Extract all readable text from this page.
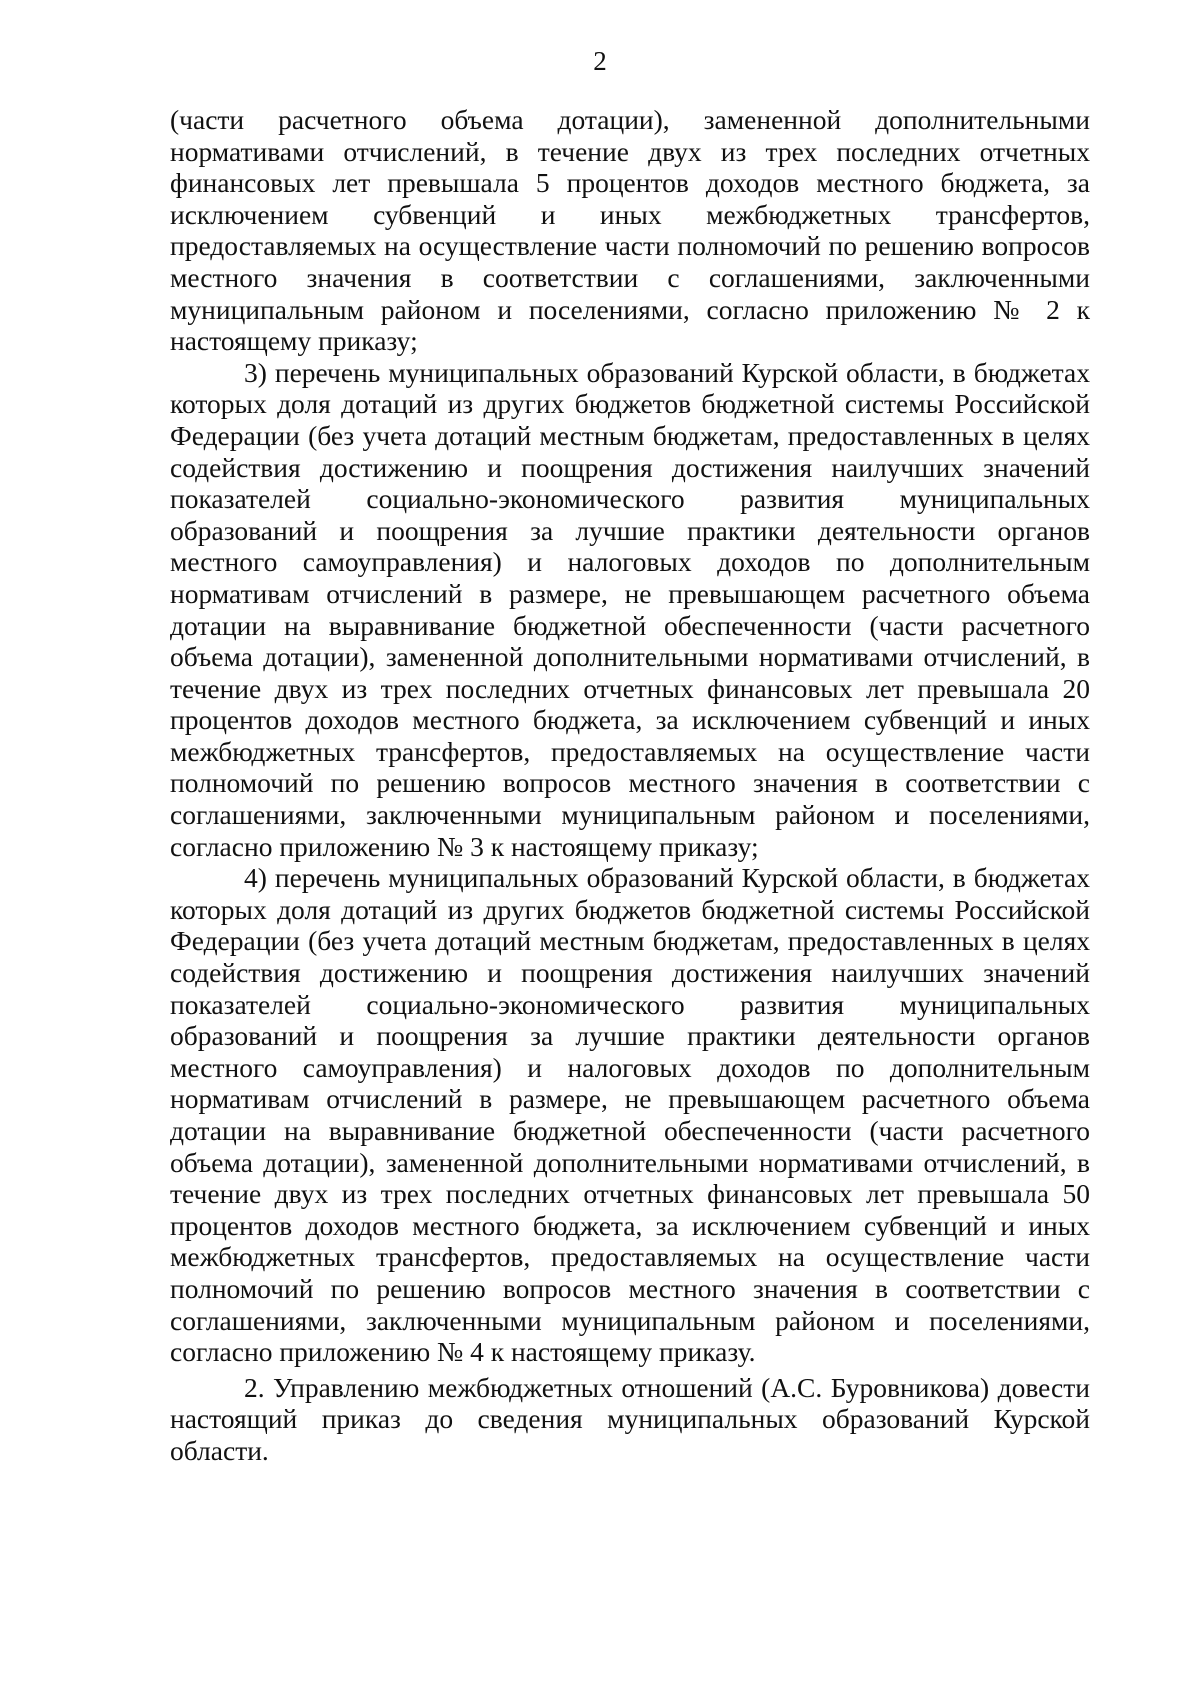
2

(части расчетного объема дотации), замененной дополнительными нормативами отчислений, в течение двух из трех последних отчетных финансовых лет превышала 5 процентов доходов местного бюджета, за исключением субвенций и иных межбюджетных трансфертов, предоставляемых на осуществление части полномочий по решению вопросов местного значения в соответствии с соглашениями, заключенными муниципальным районом и поселениями, согласно приложению № 2 к настоящему приказу;

3) перечень муниципальных образований Курской области, в бюджетах которых доля дотаций из других бюджетов бюджетной системы Российской Федерации (без учета дотаций местным бюджетам, предоставленных в целях содействия достижению и поощрения достижения наилучших значений показателей социально-экономического развития муниципальных образований и поощрения за лучшие практики деятельности органов местного самоуправления) и налоговых доходов по дополнительным нормативам отчислений в размере, не превышающем расчетного объема дотации на выравнивание бюджетной обеспеченности (части расчетного объема дотации), замененной дополнительными нормативами отчислений, в течение двух из трех последних отчетных финансовых лет превышала 20 процентов доходов местного бюджета, за исключением субвенций и иных межбюджетных трансфертов, предоставляемых на осуществление части полномочий по решению вопросов местного значения в соответствии с соглашениями, заключенными муниципальным районом и поселениями, согласно приложению № 3 к настоящему приказу;

4) перечень муниципальных образований Курской области, в бюджетах которых доля дотаций из других бюджетов бюджетной системы Российской Федерации (без учета дотаций местным бюджетам, предоставленных в целях содействия достижению и поощрения достижения наилучших значений показателей социально-экономического развития муниципальных образований и поощрения за лучшие практики деятельности органов местного самоуправления) и налоговых доходов по дополнительным нормативам отчислений в размере, не превышающем расчетного объема дотации на выравнивание бюджетной обеспеченности (части расчетного объема дотации), замененной дополнительными нормативами отчислений, в течение двух из трех последних отчетных финансовых лет превышала 50 процентов доходов местного бюджета, за исключением субвенций и иных межбюджетных трансфертов, предоставляемых на осуществление части полномочий по решению вопросов местного значения в соответствии с соглашениями, заключенными муниципальным районом и поселениями, согласно приложению № 4 к настоящему приказу.

2. Управлению межбюджетных отношений (А.С. Буровникова) довести настоящий приказ до сведения муниципальных образований Курской области.
